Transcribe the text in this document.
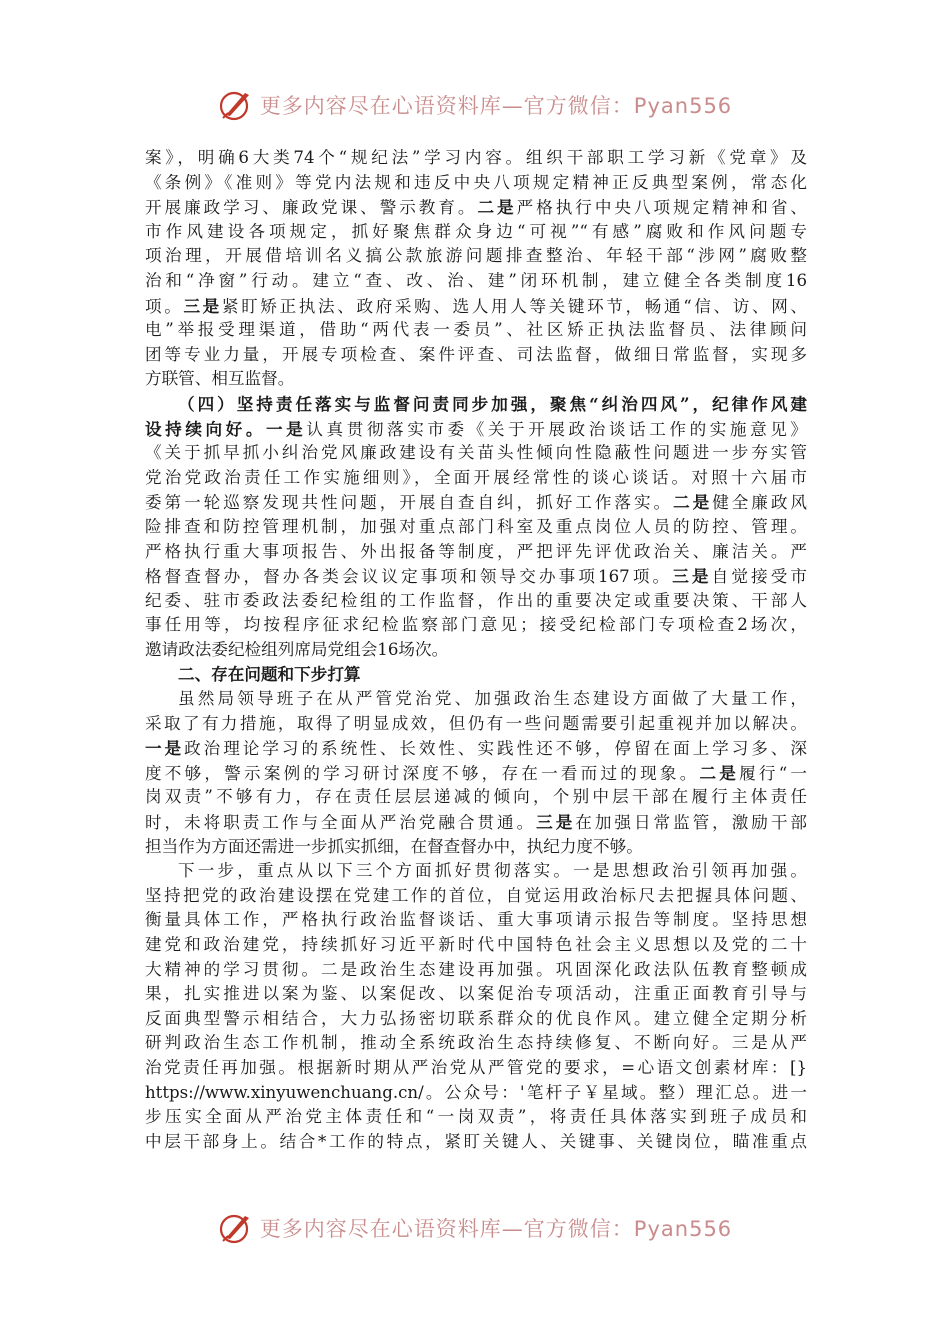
更多内容尽在心语资料库—官方微信：Pyan556
案》，明确6大类74个“规纪法”学习内容。组织干部职工学习新《党章》及
《条例》《准则》等党内法规和违反中央八项规定精神正反典型案例，常态化
开展廉政学习、廉政党课、警示教育。二是严格执行中央八项规定精神和省、
市作风建设各项规定，抓好聚焦群众身边“可视”“有感”腐败和作风问题专
项治理，开展借培训名义搞公款旅游问题排查整治、年轻干部“涉网”腐败整
治和“净窗”行动。建立“查、改、治、建”闭环机制，建立健全各类制度16
项。三是紧盯矫正执法、政府采购、选人用人等关键环节，畅通“信、访、网、
电”举报受理渠道，借助“两代表一委员”、社区矫正执法监督员、法律顾问
团等专业力量，开展专项检查、案件评查、司法监督，做细日常监督，实现多
方联管、相互监督。
（四）坚持责任落实与监督问责同步加强，聚焦“纠治四风”，纪律作风建
设持续向好。一是认真贯彻落实市委《关于开展政治谈话工作的实施意见》
《关于抓早抓小纠治党风廉政建设有关苗头性倾向性隐蔽性问题进一步夯实管
党治党政治责任工作实施细则》，全面开展经常性的谈心谈话。对照十六届市
委第一轮巡察发现共性问题，开展自查自纠，抓好工作落实。二是健全廉政风
险排查和防控管理机制，加强对重点部门科室及重点岗位人员的防控、管理。
严格执行重大事项报告、外出报备等制度，严把评先评优政治关、廉洁关。严
格督查督办，督办各类会议议定事项和领导交办事项167项。三是自觉接受市
纪委、驻市委政法委纪检组的工作监督，作出的重要决定或重要决策、干部人
事任用等，均按程序征求纪检监察部门意见；接受纪检部门专项检查2场次，
邀请政法委纪检组列席局党组会16场次。
二、存在问题和下步打算
虽然局领导班子在从严管党治党、加强政治生态建设方面做了大量工作，
采取了有力措施，取得了明显成效，但仍有一些问题需要引起重视并加以解决。
一是政治理论学习的系统性、长效性、实践性还不够，停留在面上学习多、深
度不够，警示案例的学习研讨深度不够，存在一看而过的现象。二是履行“一
岗双责”不够有力，存在责任层层递减的倾向，个别中层干部在履行主体责任
时，未将职责工作与全面从严治党融合贯通。三是在加强日常监管，激励干部
担当作为方面还需进一步抓实抓细，在督查督办中，执纪力度不够。
下一步，重点从以下三个方面抓好贯彻落实。一是思想政治引领再加强。
坚持把党的政治建设摆在党建工作的首位，自觉运用政治标尺去把握具体问题、
衡量具体工作，严格执行政治监督谈话、重大事项请示报告等制度。坚持思想
建党和政治建党，持续抓好习近平新时代中国特色社会主义思想以及党的二十
大精神的学习贯彻。二是政治生态建设再加强。巩固深化政法队伍教育整顿成
果，扎实推进以案为鉴、以案促改、以案促治专项活动，注重正面教育引导与
反面典型警示相结合，大力弘扬密切联系群众的优良作风。建立健全定期分析
研判政治生态工作机制，推动全系统政治生态持续修复、不断向好。三是从严
治党责任再加强。根据新时期从严治党从严管党的要求，=心语文创素材库：[}
https://www.xinyuwenchuang.cn/。公众号：'笔杆子￥星域。整）理汇总。进一
步压实全面从严治党主体责任和“一岗双责”，将责任具体落实到班子成员和
中层干部身上。结合*工作的特点，紧盯关键人、关键事、关键岗位，瞄准重点
更多内容尽在心语资料库—官方微信：Pyan556
